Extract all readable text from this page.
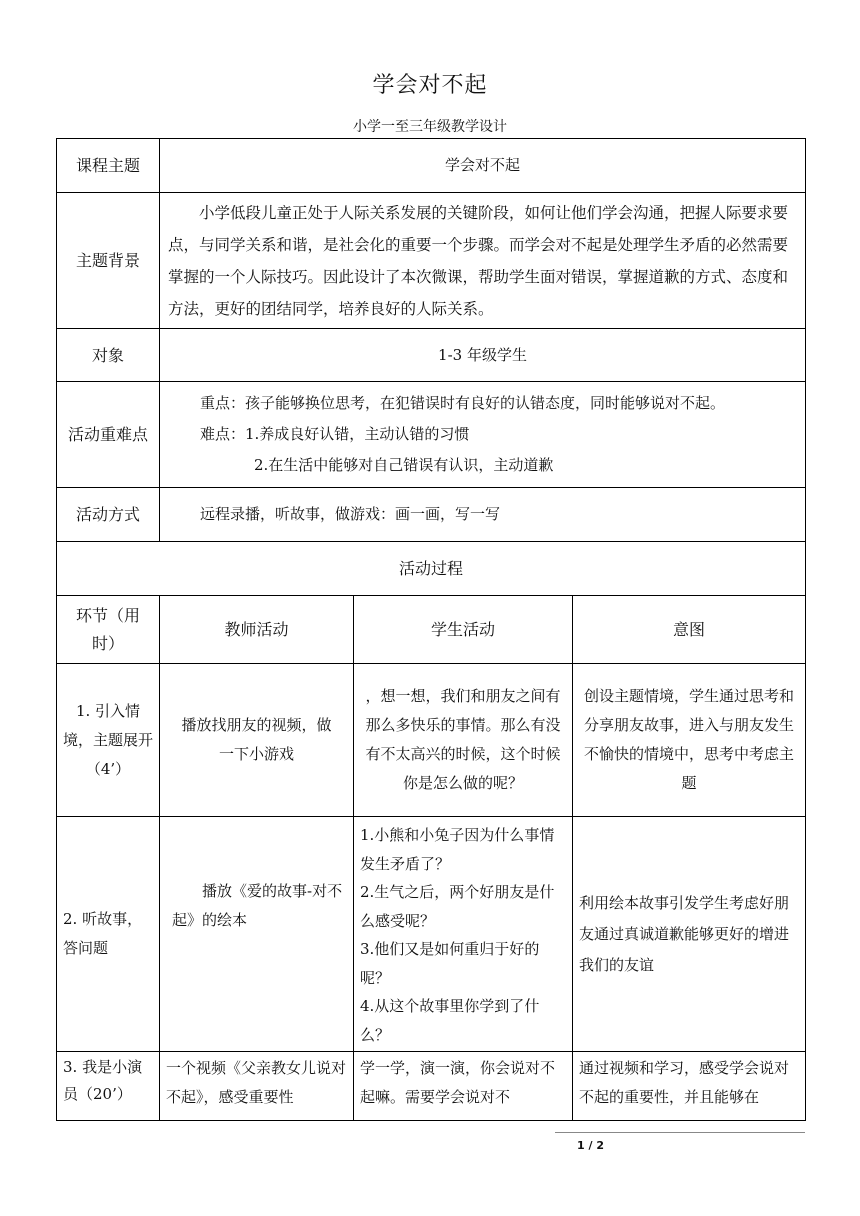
学会对不起
小学一至三年级教学设计
课程主题	学会对不起		
主题背景	小学低段儿童正处于人际关系发展的关键阶段，如何让他们学会沟通，把握人际要求要点，与同学关系和谐，是社会化的重要一个步骤。而学会对不起是处理学生矛盾的必然需要掌握的一个人际技巧。因此设计了本次微课，帮助学生面对错误，掌握道歉的方式、态度和方法，更好的团结同学，培养良好的人际关系。		
对象	1-3 年级学生		
活动重难点	重点：孩子能够换位思考，在犯错误时有良好的认错态度，同时能够说对不起。
难点：1.养成良好认错，主动认错的习惯
2.在生活中能够对自己错误有认识，主动道歉		

活动方式	远程录播，听故事，做游戏：画一画，写一写		
活动过程			
环节（用时）	教师活动	学生活动	意图
1. 引入情境，主题展开（4’）	播放找朋友的视频，做一下小游戏	，想一想，我们和朋友之间有那么多快乐的事情。那么有没有不太高兴的时候，这个时候你是怎么做的呢？	创设主题情境，学生通过思考和分享朋友故事，进入与朋友发生不愉快的情境中，思考中考虑主题
2. 听故事，答问题	播放《爱的故事-对不起》的绘本	1.小熊和小兔子因为什么事情发生矛盾了？
2.生气之后，两个好朋友是什么感受呢？
3.他们又是如何重归于好的呢？
4.从这个故事里你学到了什么？	利用绘本故事引发学生考虑好朋友通过真诚道歉能够更好的增进我们的友谊
3. 我是小演员（20’）	一个视频《父亲教女儿说对不起》，感受重要性	学一学，演一演，你会说对不起嘛。需要学会说对不	通过视频和学习，感受学会说对不起的重要性，并且能够在
1 / 2
